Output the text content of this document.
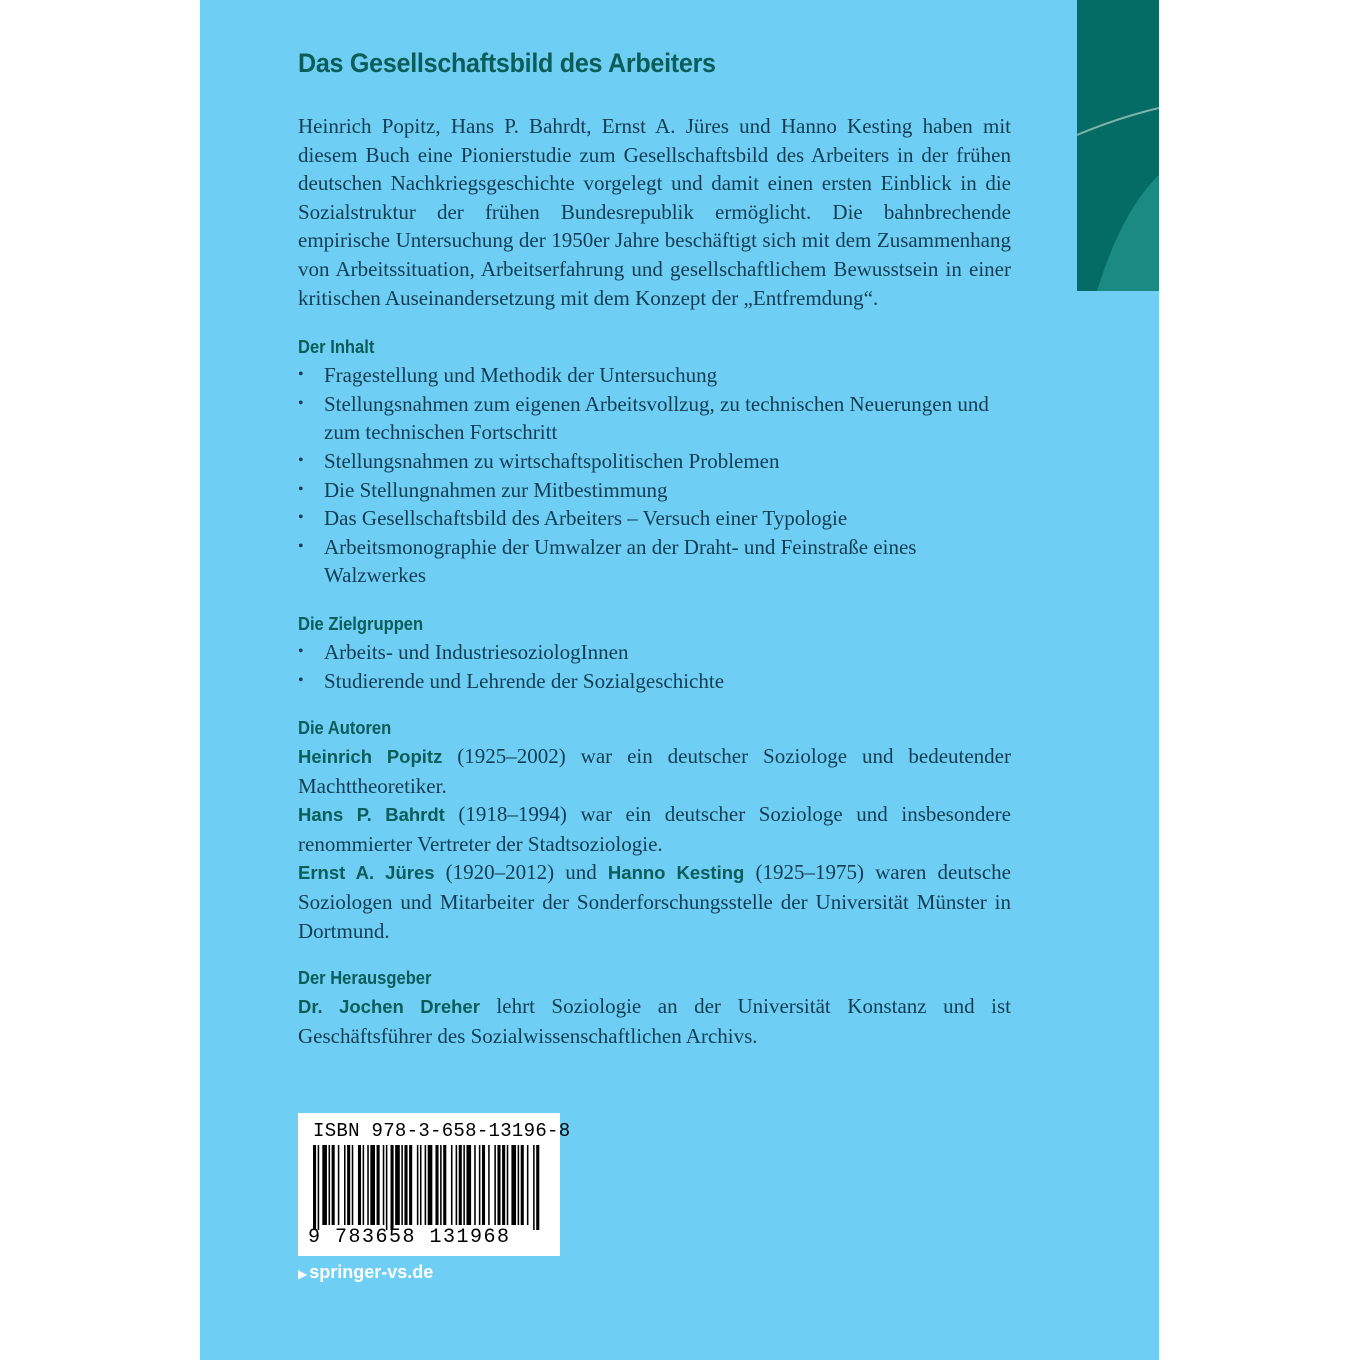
Das Gesellschaftsbild des Arbeiters

Heinrich Popitz, Hans P. Bahrdt, Ernst A. Jüres und Hanno Kesting haben mit diesem Buch eine Pionierstudie zum Gesellschaftsbild des Arbeiters in der frühen deutschen Nachkriegsgeschichte vorgelegt und damit einen ersten Einblick in die Sozialstruktur der frühen Bundesrepublik ermöglicht. Die bahnbrechende empirische Untersuchung der 1950er Jahre beschäftigt sich mit dem Zusammenhang von Arbeitssituation, Arbeitserfahrung und gesellschaftlichem Bewusstsein in einer kritischen Auseinandersetzung mit dem Konzept der „Entfremdung“.

Der Inhalt
• Fragestellung und Methodik der Untersuchung
• Stellungsnahmen zum eigenen Arbeitsvollzug, zu technischen Neuerungen und zum technischen Fortschritt
• Stellungsnahmen zu wirtschaftspolitischen Problemen
• Die Stellungnahmen zur Mitbestimmung
• Das Gesellschaftsbild des Arbeiters – Versuch einer Typologie
• Arbeitsmonographie der Umwalzer an der Draht- und Feinstraße eines Walzwerkes
Die Zielgruppen
• Arbeits- und IndustriesoziologInnen
• Studierende und Lehrende der Sozialgeschichte
Die Autoren

Heinrich Popitz (1925–2002) war ein deutscher Soziologe und bedeutender Machttheoretiker.

Hans P. Bahrdt (1918–1994) war ein deutscher Soziologe und insbesondere renommierter Vertreter der Stadtsoziologie.

Ernst A. Jüres (1920–2012) und Hanno Kesting (1925–1975) waren deutsche Soziologen und Mitarbeiter der Sonderforschungsstelle der Universität Münster in Dortmund.

Der Herausgeber

Dr. Jochen Dreher lehrt Soziologie an der Universität Konstanz und ist Geschäftsführer des Sozialwissenschaftlichen Archivs.

ISBN 978-3-658-13196-8
9 783658 131968
▶ springer-vs.de
